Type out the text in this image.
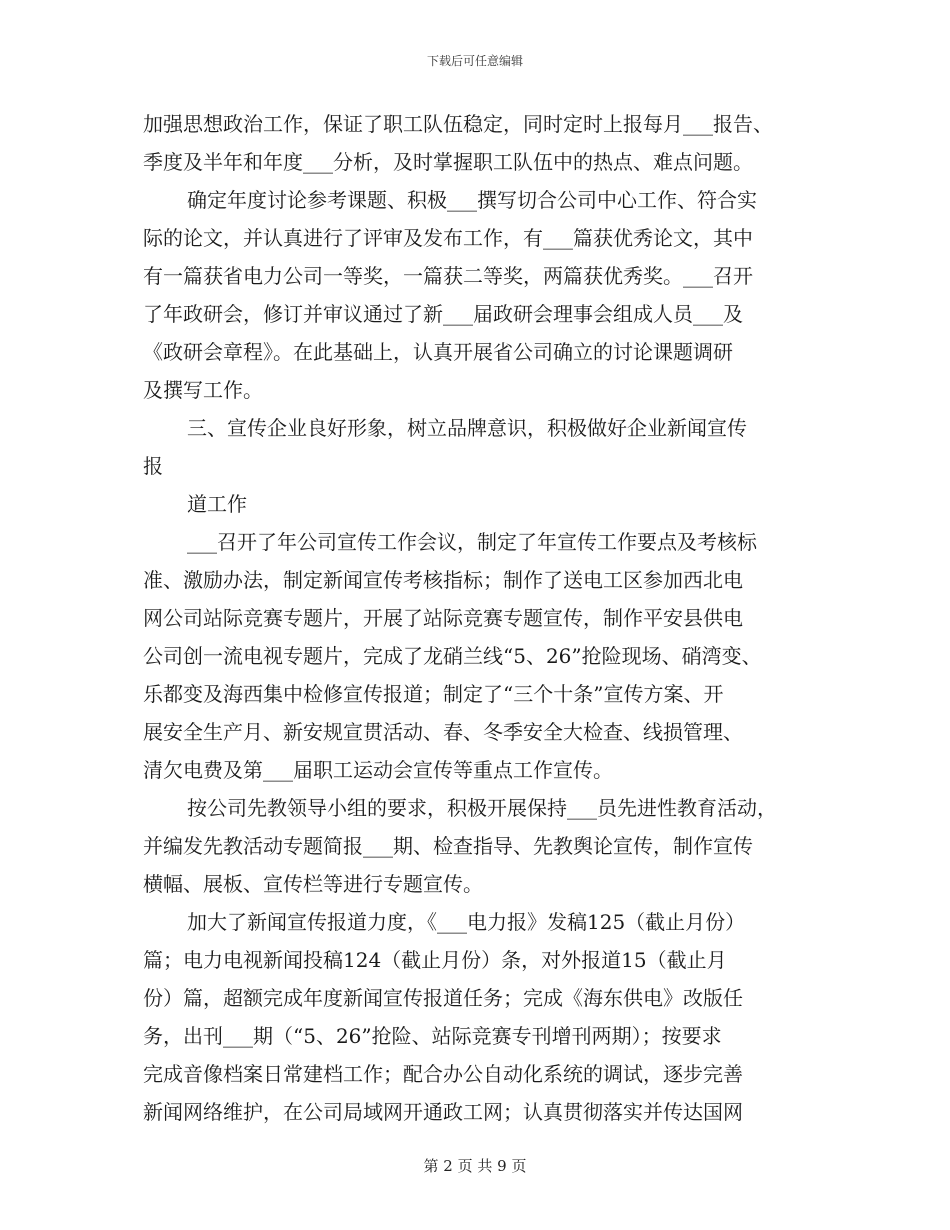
下载后可任意编辑
加强思想政治工作，保证了职工队伍稳定，同时定时上报每月___报告、
季度及半年和年度___分析，及时掌握职工队伍中的热点、难点问题。
确定年度讨论参考课题、积极___撰写切合公司中心工作、符合实
际的论文，并认真进行了评审及发布工作，有___篇获优秀论文，其中
有一篇获省电力公司一等奖，一篇获二等奖，两篇获优秀奖。___召开
了年政研会，修订并审议通过了新___届政研会理事会组成人员___及
《政研会章程》。在此基础上，认真开展省公司确立的讨论课题调研
及撰写工作。
三、宣传企业良好形象，树立品牌意识，积极做好企业新闻宣传
报
道工作
___召开了年公司宣传工作会议，制定了年宣传工作要点及考核标
准、激励办法，制定新闻宣传考核指标；制作了送电工区参加西北电
网公司站际竞赛专题片，开展了站际竞赛专题宣传，制作平安县供电
公司创一流电视专题片，完成了龙硝兰线“5、26”抢险现场、硝湾变、
乐都变及海西集中检修宣传报道；制定了“三个十条”宣传方案、开
展安全生产月、新安规宣贯活动、春、冬季安全大检查、线损管理、
清欠电费及第___届职工运动会宣传等重点工作宣传。
按公司先教领导小组的要求，积极开展保持___员先进性教育活动，
并编发先教活动专题简报___期、检查指导、先教舆论宣传，制作宣传
横幅、展板、宣传栏等进行专题宣传。
加大了新闻宣传报道力度，《___电力报》发稿125（截止月份）
篇；电力电视新闻投稿124（截止月份）条，对外报道15（截止月
份）篇，超额完成年度新闻宣传报道任务；完成《海东供电》改版任
务，出刊___期（“5、26”抢险、站际竞赛专刊增刊两期）；按要求
完成音像档案日常建档工作；配合办公自动化系统的调试，逐步完善
新闻网络维护，在公司局域网开通政工网；认真贯彻落实并传达国网
第 2 页 共 9 页
